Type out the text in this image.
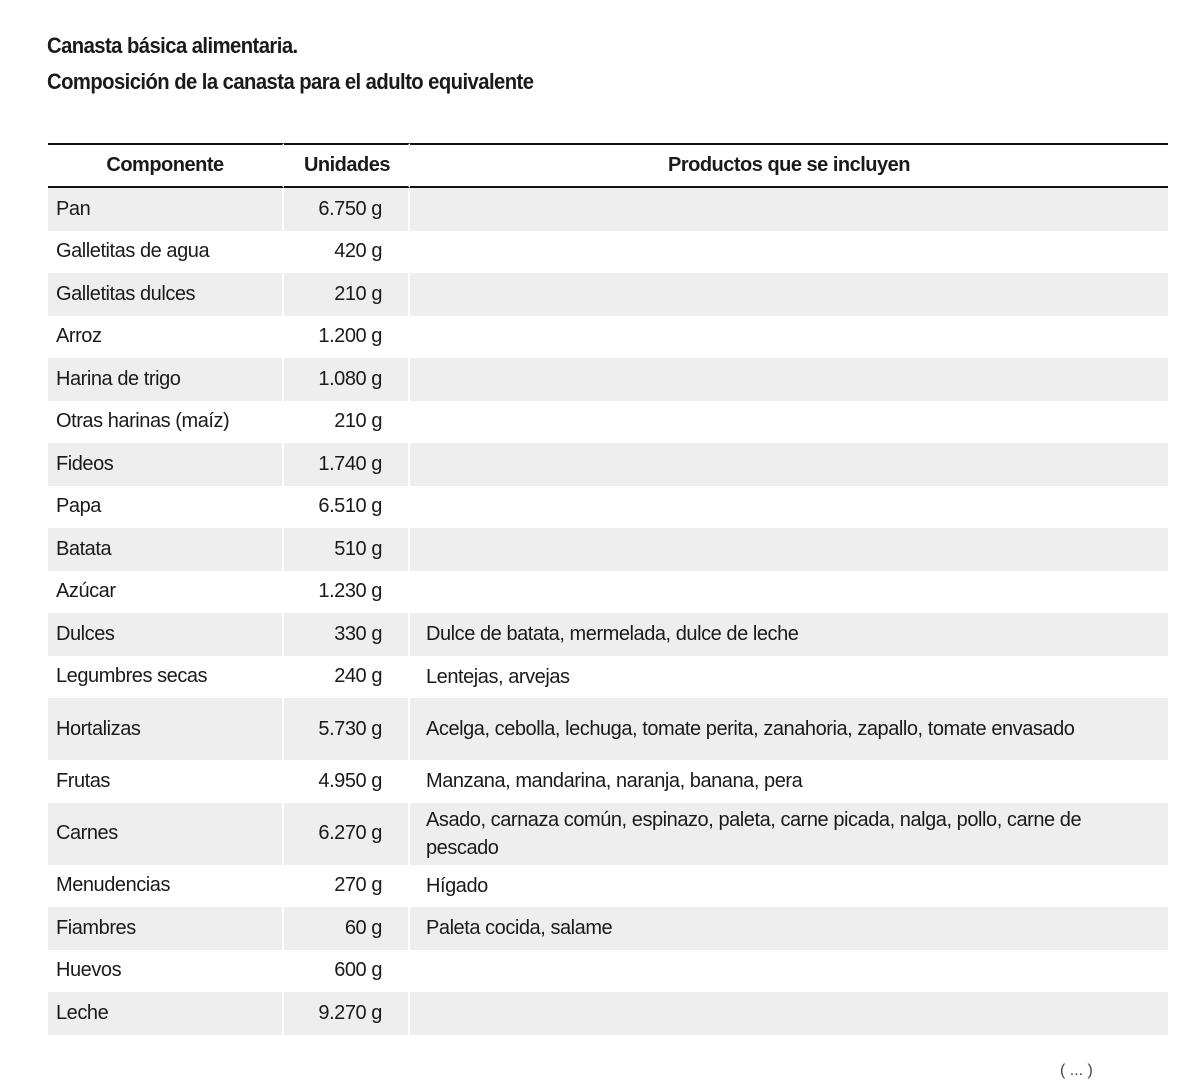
Canasta básica alimentaria.
Composición de la canasta para el adulto equivalente
Componente	Unidades	Productos que se incluyen
Pan	6.750 g	
Galletitas de agua	420 g	
Galletitas dulces	210 g	
Arroz	1.200 g	
Harina de trigo	1.080 g	
Otras harinas (maíz)	210 g	
Fideos	1.740 g	
Papa	6.510 g	
Batata	510 g	
Azúcar	1.230 g	
Dulces	330 g	Dulce de batata, mermelada, dulce de leche
Legumbres secas	240 g	Lentejas, arvejas
Hortalizas	5.730 g	Acelga, cebolla, lechuga, tomate perita, zanahoria, zapallo, tomate envasado
Frutas	4.950 g	Manzana, mandarina, naranja, banana, pera
Carnes	6.270 g	Asado, carnaza común, espinazo, paleta, carne picada, nalga, pollo, carne de pescado
Menudencias	270 g	Hígado
Fiambres	60 g	Paleta cocida, salame
Huevos	600 g	
Leche	9.270 g	
( ... )
